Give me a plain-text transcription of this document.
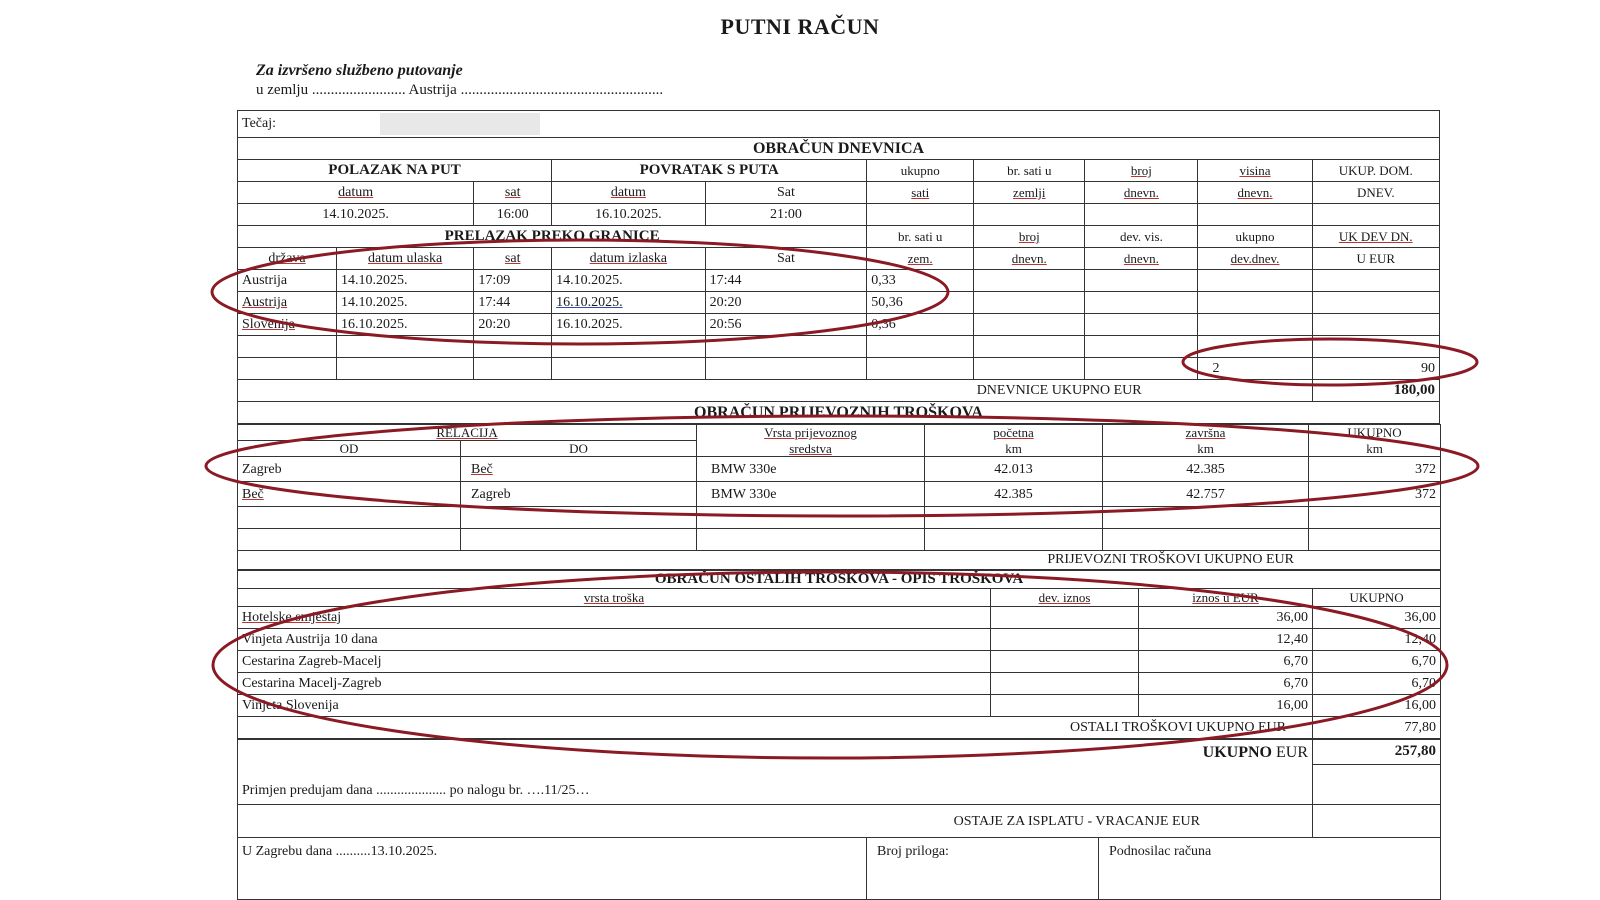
PUTNI RAČUN
Za izvršeno službeno putovanje
u zemlju ......................... Austrija ......................................................
Tečaj:									
OBRAČUN DNEVNICA									
POLAZAK NA PUT			POVRATAK S PUTA		ukupno	br. sati u	broj	visina	UKUP. DOM.
datum		sat	datum	Sat	sati	zemlji	dnevn.	dnevn.	DNEV.
14.10.2025.		16:00	16.10.2025.	21:00					
PRELAZAK PREKO GRANICE					br. sati u	broj	dev. vis.	ukupno	UK DEV DN.
država	datum ulaska	sat	datum izlaska	Sat	zem.	dnevn.	dnevn.	dev.dnev.	U EUR
Austrija	14.10.2025.	17:09	14.10.2025.	17:44	0,33				
Austrija	14.10.2025.	17:44	16.10.2025.	20:20	50,36				
Slovenija	16.10.2025.	20:20	16.10.2025.	20:56	0,36				

								2	90
DNEVNICE UKUPNO EUR									180,00
OBRAČUN PRIJEVOZNIH TROŠKOVA									
RELACIJA		Vrsta prijevoznog	početna	završna	UKUPNO
OD	DO	sredstva	km	km	km
Zagreb	Beč	BMW 330e	42.013	42.385	372
Beč	Zagreb	BMW 330e	42.385	42.757	372

PRIJEVOZNI TROŠKOVI UKUPNO EUR					
OBRAČUN OSTALIH TROŠKOVA - OPIS TROŠKOVA			
vrsta troška	dev. iznos	iznos u EUR	UKUPNO
Hotelske smještaj		36,00	36,00
Vinjeta Austrija 10 dana		12,40	12,40
Cestarina Zagreb-Macelj		6,70	6,70
Cestarina Macelj-Zagreb		6,70	6,70
Vinjeta Slovenija		16,00	16,00
OSTALI TROŠKOVI UKUPNO EUR			77,80
UKUPNO EUR			257,80
Primjen predujam dana .................... po nalogu br. ….11/25…			
OSTAJE ZA ISPLATU - VRACANJE EUR			
U Zagrebu dana ..........13.10.2025.	Broj priloga:	Podnosilac računa	
